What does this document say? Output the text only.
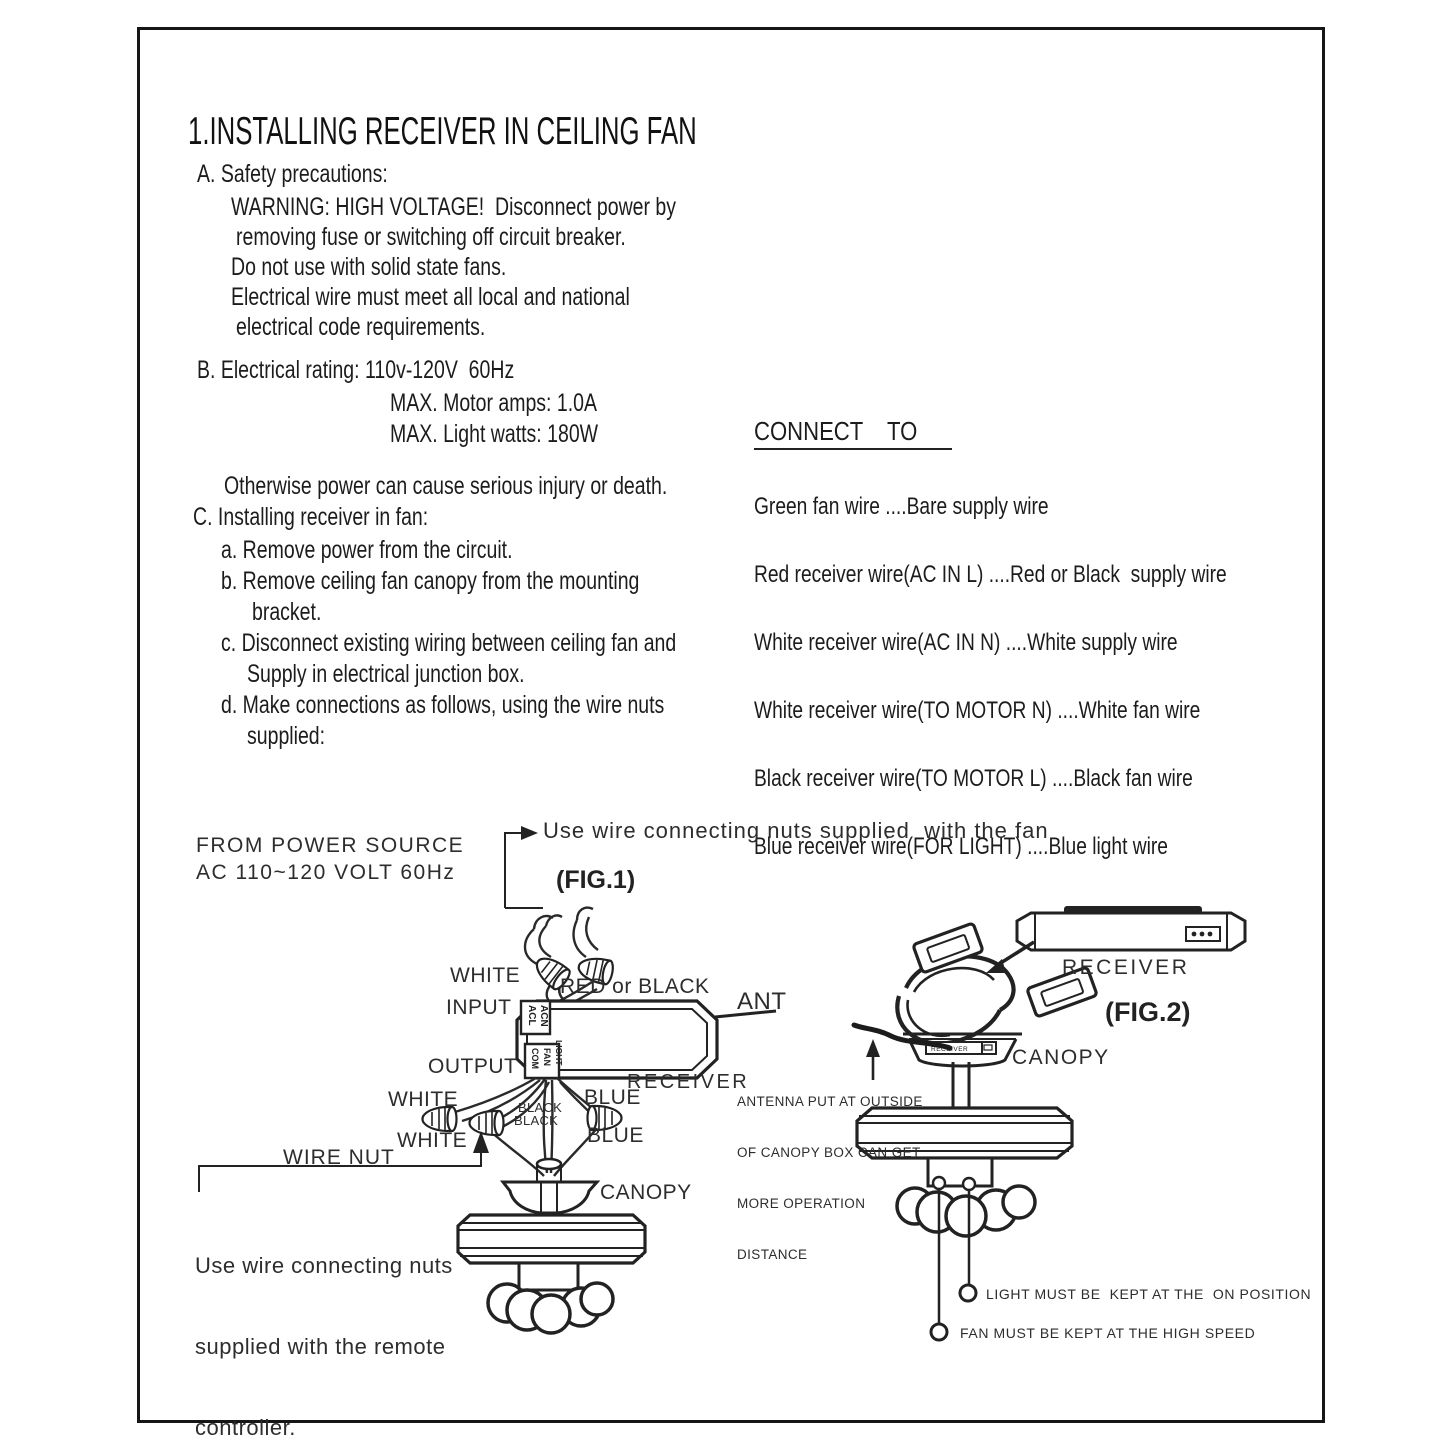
ACL ACN
COM FAN LIGHT	RECEIVER
1.INSTALLING RECEIVER IN CEILING FAN
A. Safety precautions:
WARNING: HIGH VOLTAGE!  Disconnect power by
removing fuse or switching off circuit breaker.
Do not use with solid state fans.
Electrical wire must meet all local and national
electrical code requirements.
B. Electrical rating: 110v-120V  60Hz
MAX. Motor amps: 1.0A
MAX. Light watts: 180W
Otherwise power can cause serious injury or death.
C. Installing receiver in fan:
a. Remove power from the circuit.
b. Remove ceiling fan canopy from the mounting
bracket.
c. Disconnect existing wiring between ceiling fan and
Supply in electrical junction box.
d. Make connections as follows, using the wire nuts
supplied:
CONNECT    TO

Green fan wire ....Bare supply wire

Red receiver wire(AC IN L) ....Red or Black  supply wire

White receiver wire(AC IN N) ....White supply wire

White receiver wire(TO MOTOR N) ....White fan wire

Black receiver wire(TO MOTOR L) ....Black fan wire

Blue receiver wire(FOR LIGHT) ....Blue light wire

Use wire connecting nuts supplied  with the fan
FROM POWER SOURCE
AC 110~120 VOLT 60Hz	(FIG.1)
WHITE
INPUT
RED or BLACK
ANT
OUTPUT
WHITE
WHITE
BLUE
BLUE
BLACK
BLACK
RECEIVER
WIRE NUT
CANOPY

Use wire connecting nuts

supplied with the remote

controller.

RECEIVER
(FIG.2)
CANOPY

ANTENNA PUT AT OUTSIDE

OF CANOPY BOX CAN GET

MORE OPERATION

DISTANCE

LIGHT MUST BE  KEPT AT THE  ON POSITION
FAN MUST BE KEPT AT THE HIGH SPEED
